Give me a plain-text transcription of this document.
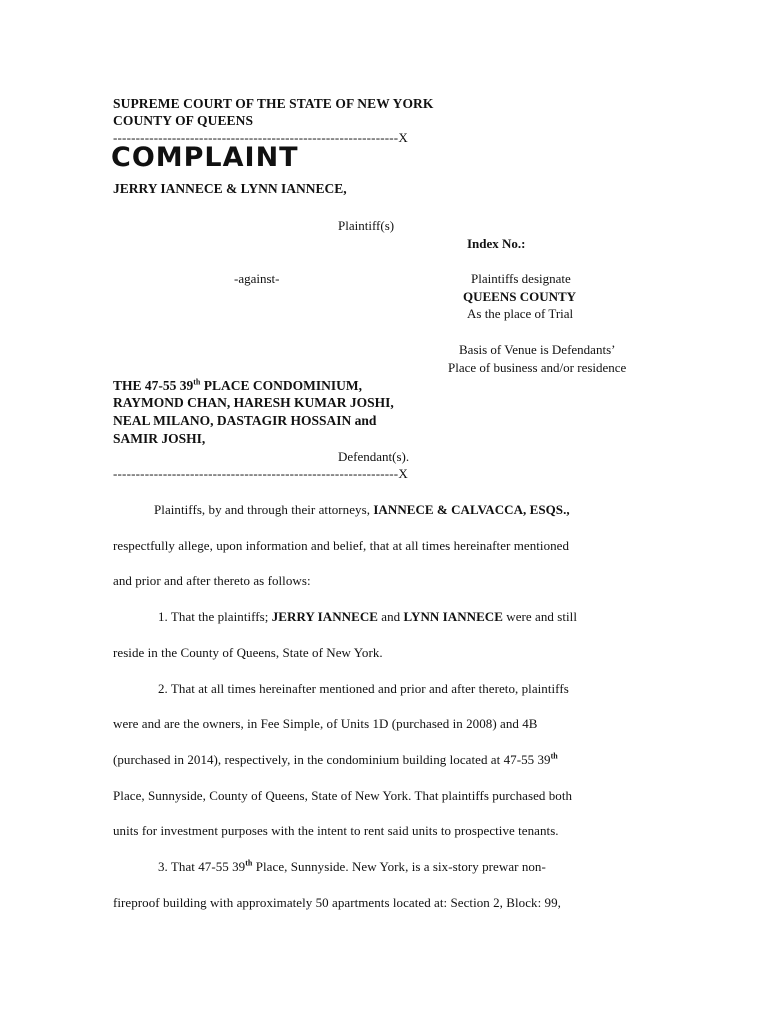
SUPREME COURT OF THE STATE OF NEW YORK
COUNTY OF QUEENS
---------------------------------------------------------------X
COMPLAINT
JERRY IANNECE & LYNN IANNECE,
Plaintiff(s)
Index No.:
-against-	Plaintiffs designate
QUEENS COUNTY
As the place of Trial
Basis of Venue is Defendants’
Place of business and/or residence
THE 47-55 39th PLACE CONDOMINIUM,
RAYMOND CHAN, HARESH KUMAR JOSHI,
NEAL MILANO, DASTAGIR HOSSAIN and
SAMIR JOSHI,
Defendant(s).
---------------------------------------------------------------X
Plaintiffs, by and through their attorneys, IANNECE & CALVACCA, ESQS.,
respectfully allege, upon information and belief, that at all times hereinafter mentioned
and prior and after thereto as follows:
1. That the plaintiffs; JERRY IANNECE and LYNN IANNECE were and still
reside in the County of Queens, State of New York.
2. That at all times hereinafter mentioned and prior and after thereto, plaintiffs
were and are the owners, in Fee Simple, of Units 1D (purchased in 2008) and 4B
(purchased in 2014), respectively, in the condominium building located at 47-55 39th
Place, Sunnyside, County of Queens, State of New York. That plaintiffs purchased both
units for investment purposes with the intent to rent said units to prospective tenants.
3. That 47-55 39th Place, Sunnyside. New York, is a six-story prewar non-
fireproof building with approximately 50 apartments located at: Section 2, Block: 99,
